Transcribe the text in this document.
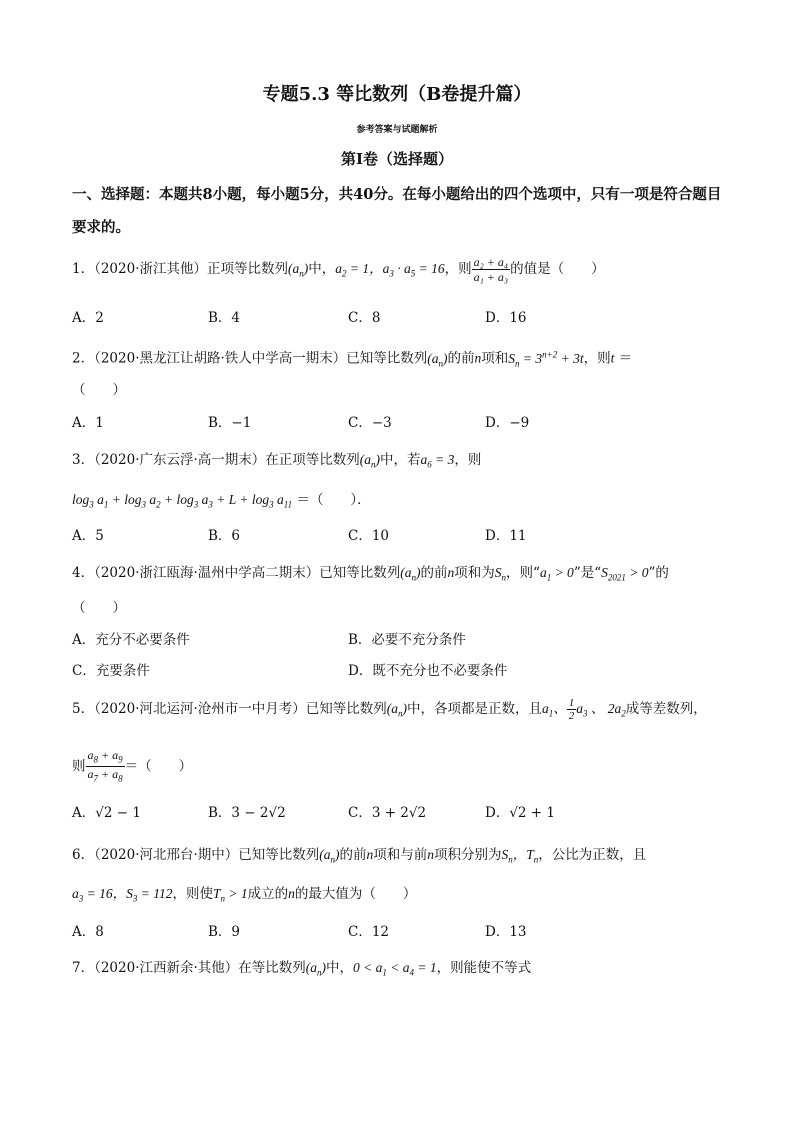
专题5.3 等比数列（B卷提升篇）
参考答案与试题解析
第Ⅰ卷（选择题）
一、选择题：本题共8小题，每小题5分，共40分。在每小题给出的四个选项中，只有一项是符合题目要求的。
1．（2020·浙江其他）正项等比数列$(a_n)$中，$a_2 = 1$，$a_3 \cdot a_5 = 16$，则 $\frac{\text{a₂ + a₄}}{\text{a₁ + a₃}}$ 的值是（　　）
A．2	B．4	C．8	D．16
2．（2020·黑龙江让胡路·铁人中学高一期末）已知等比数列$(a_n)$的前n项和$S_n = 3^{n+2} + 3t$，则t ＝
（　　）
A．1	B．−1	C．−3	D．−9
3．（2020·广东云浮·高一期末）在正项等比数列$(a_n)$中，若$a_6 = 3$，则
$\log_3 a_1 + \log_3 a_2 + \log_3 a_3 + L + \log_3 a_{11}$ ＝（　　）．
A．5	B．6	C．10	D．11
4．（2020·浙江瓯海·温州中学高二期末）已知等比数列$(a_n)$的前n项和为$S_n$，则“$a_1 > 0$”是“$S_{2021} > 0$”的
（　　）
A．充分不必要条件	B．必要不充分条件
C．充要条件	D．既不充分也不必要条件
5．（2020·河北运河·沧州市一中月考）已知等比数列$(a_n)$中，各项都是正数，且$a_1$、 $\frac{1}{2} a_3$ 、 $2a_2$成等差数列，
则 $\frac{a_8 + a_9}{a_7 + a_8}$ ＝（　　）
A．√2 − 1	B．3 − 2√2	C．3 + 2√2	D．√2 + 1
6．（2020·河北邢台·期中）已知等比数列$(a_n)$的前n项和与前n项积分别为$S_n$，$T_n$，公比为正数，且
$a_3 = 16$，$S_3 = 112$，则使$T_n > 1$成立的n的最大值为（　　）
A．8	B．9	C．12	D．13
7．（2020·江西新余·其他）在等比数列$(a_n)$中，$0 < a_1 < a_4 = 1$，则能使不等式
